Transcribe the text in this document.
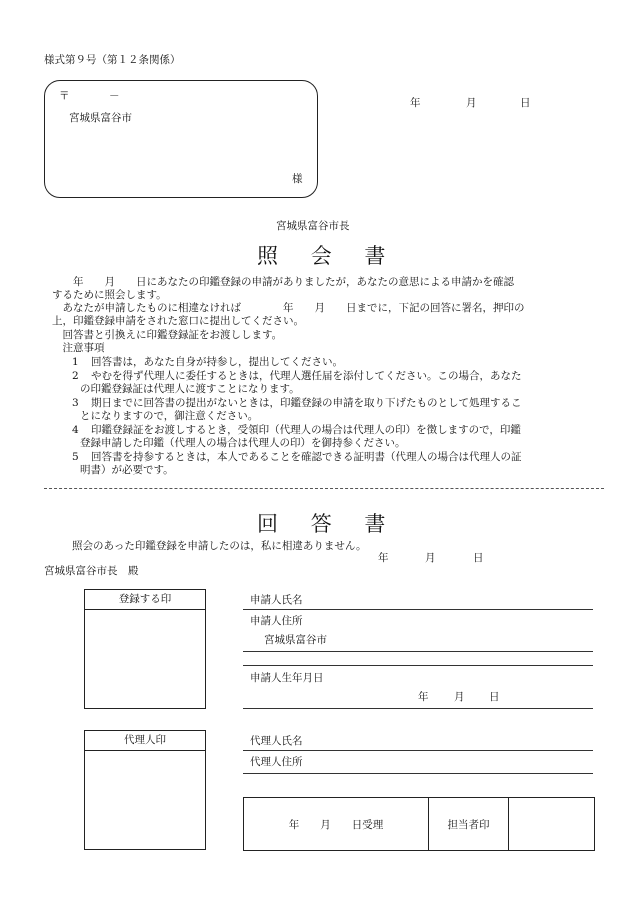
様式第９号（第１２条関係）
〒	－
宮城県富谷市
様
年	月	日
宮城県富谷市長
照 会 書
　　年　　月　　日にあなたの印鑑登録の申請がありましたが，あなたの意思による申請かを確認
するために照会します。
　あなたが申請したものに相違なければ　　　　年　　月　　日までに，下記の回答に署名，押印の
上，印鑑登録申請をされた窓口に提出してください。
　回答書と引換えに印鑑登録証をお渡しします。
　注意事項
1 回答書は，あなた自身が持参し，提出してください。
2 やむを得ず代理人に委任するときは，代理人選任届を添付してください。この場合，あなた
の印鑑登録証は代理人に渡すことになります。
3 期日までに回答書の提出がないときは，印鑑登録の申請を取り下げたものとして処理するこ
とになりますので，御注意ください。
4 印鑑登録証をお渡しするとき，受領印（代理人の場合は代理人の印）を徴しますので，印鑑
登録申請した印鑑（代理人の場合は代理人の印）を御持参ください。
5 回答書を持参するときは，本人であることを確認できる証明書（代理人の場合は代理人の証
明書）が必要です。
回 答 書
照会のあった印鑑登録を申請したのは，私に相違ありません。
年	月	日
宮城県富谷市長　殿
登録する印
代理人印
申請人氏名
申請人住所
宮城県富谷市
申請人生年月日
年 月 日
代理人氏名
代理人住所
年　　月　　日受理	担当者印
